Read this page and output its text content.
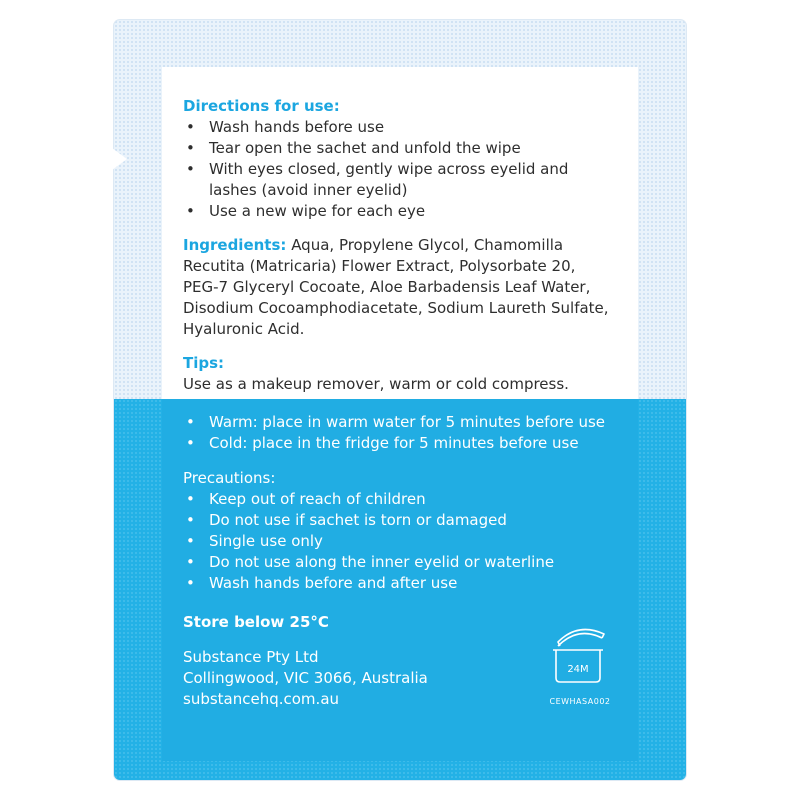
Directions for use:
• Wash hands before use
• Tear open the sachet and unfold the wipe
• With eyes closed, gently wipe across eyelid and lashes (avoid inner eyelid)
• Use a new wipe for each eye
Ingredients: Aqua, Propylene Glycol, Chamomilla Recutita (Matricaria) Flower Extract, Polysorbate 20, PEG-7 Glyceryl Cocoate, Aloe Barbadensis Leaf Water, Disodium Cocoamphodiacetate, Sodium Laureth Sulfate, Hyaluronic Acid.
Tips:
Use as a makeup remover, warm or cold compress.
• Warm: place in warm water for 5 minutes before use
• Cold: place in the fridge for 5 minutes before use
Precautions:
• Keep out of reach of children
• Do not use if sachet is torn or damaged
• Single use only
• Do not use along the inner eyelid or waterline
• Wash hands before and after use
Store below 25°C
Substance Pty Ltd
Collingwood, VIC 3066, Australia
substancehq.com.au
24M
CEWHASA002
